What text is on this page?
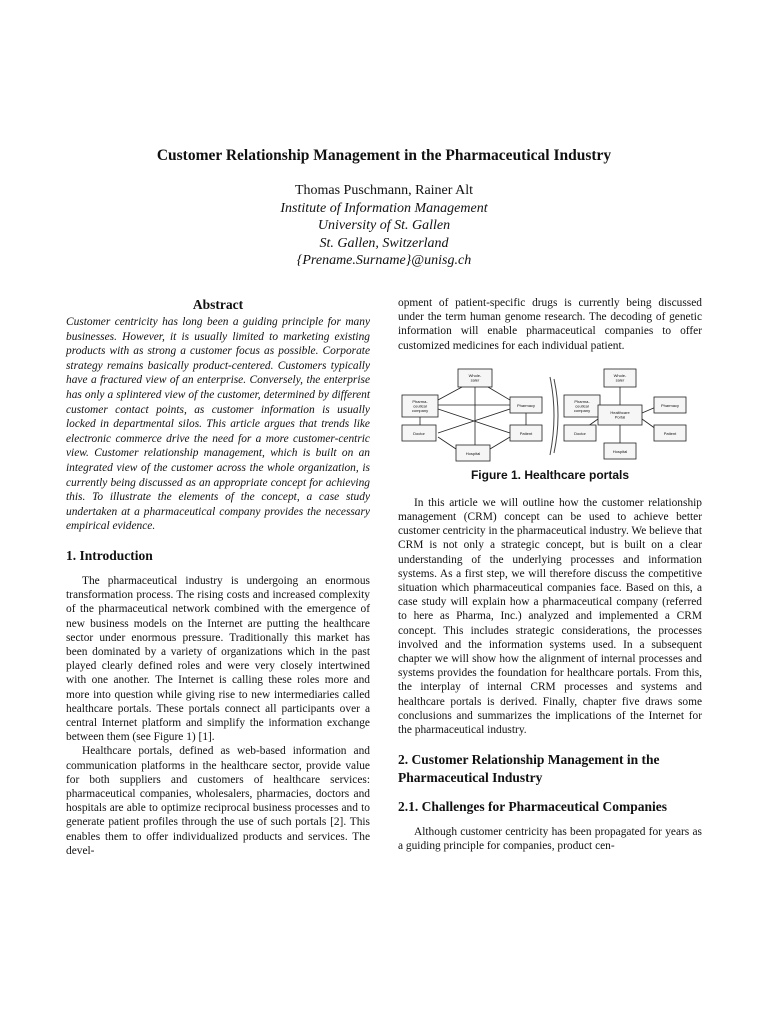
Customer Relationship Management in the Pharmaceutical Industry
Thomas Puschmann, Rainer Alt
Institute of Information Management
University of St. Gallen
St. Gallen, Switzerland
{Prename.Surname}@unisg.ch
Abstract

Customer centricity has long been a guiding principle for many businesses. However, it is usually limited to marketing existing products with as strong a customer focus as possible. Corporate strategy remains basically product-centered. Customers typically have a fractured view of an enterprise. Conversely, the enterprise has only a splintered view of the customer, determined by different customer contact points, as customer information is usually locked in departmental silos. This article argues that trends like electronic commerce drive the need for a more customer-centric view. Customer relationship management, which is built on an integrated view of the customer across the whole organization, is currently being discussed as an appropriate concept for achieving this. To illustrate the elements of the concept, a case study undertaken at a pharmaceutical company provides the necessary empirical evidence.

1. Introduction

The pharmaceutical industry is undergoing an enormous transformation process. The rising costs and increased complexity of the pharmaceutical network combined with the emergence of new business models on the Internet are putting the healthcare sector under enormous pressure. Traditionally this market has been dominated by a variety of organizations which in the past played clearly defined roles and were very closely intertwined with one another. The Internet is calling these roles more and more into question while giving rise to new intermediaries called healthcare portals. These portals connect all participants over a central Internet platform and simplify the information exchange between them (see Figure 1) [1].

Healthcare portals, defined as web-based information and communication platforms in the healthcare sector, provide value for both suppliers and customers of healthcare services: pharmaceutical companies, wholesalers, pharmacies, doctors and hospitals are able to optimize reciprocal business processes and to generate patient profiles through the use of such portals [2]. This enables them to offer individualized products and services. The devel-

opment of patient-specific drugs is currently being discussed under the term human genome research. The decoding of genetic information will enable pharmaceutical companies to offer customized medicines for each individual patient.

Whole-saler
Pharma-ceutical company
Pharmacy
Doctor	Patient
Hospital
Whole-saler
Pharma-ceutical company
Pharmacy
Healthcare Portal
Doctor	Patient
Hospital
Figure 1. Healthcare portals

In this article we will outline how the customer relationship management (CRM) concept can be used to achieve better customer centricity in the pharmaceutical industry. We believe that CRM is not only a strategic concept, but is built on a clear understanding of the underlying processes and information systems. As a first step, we will therefore discuss the competitive situation which pharmaceutical companies face. Based on this, a case study will explain how a pharmaceutical company (referred to here as Pharma, Inc.) analyzed and implemented a CRM concept. This includes strategic considerations, the processes involved and the information systems used. In a subsequent chapter we will show how the alignment of internal processes and systems provides the foundation for healthcare portals. From this, the interplay of internal CRM processes and systems and healthcare portals is derived. Finally, chapter five draws some conclusions and summarizes the implications of the Internet for the pharmaceutical industry.

2. Customer Relationship Management in the Pharmaceutical Industry
2.1. Challenges for Pharmaceutical Companies

Although customer centricity has been propagated for years as a guiding principle for companies, product cen-
